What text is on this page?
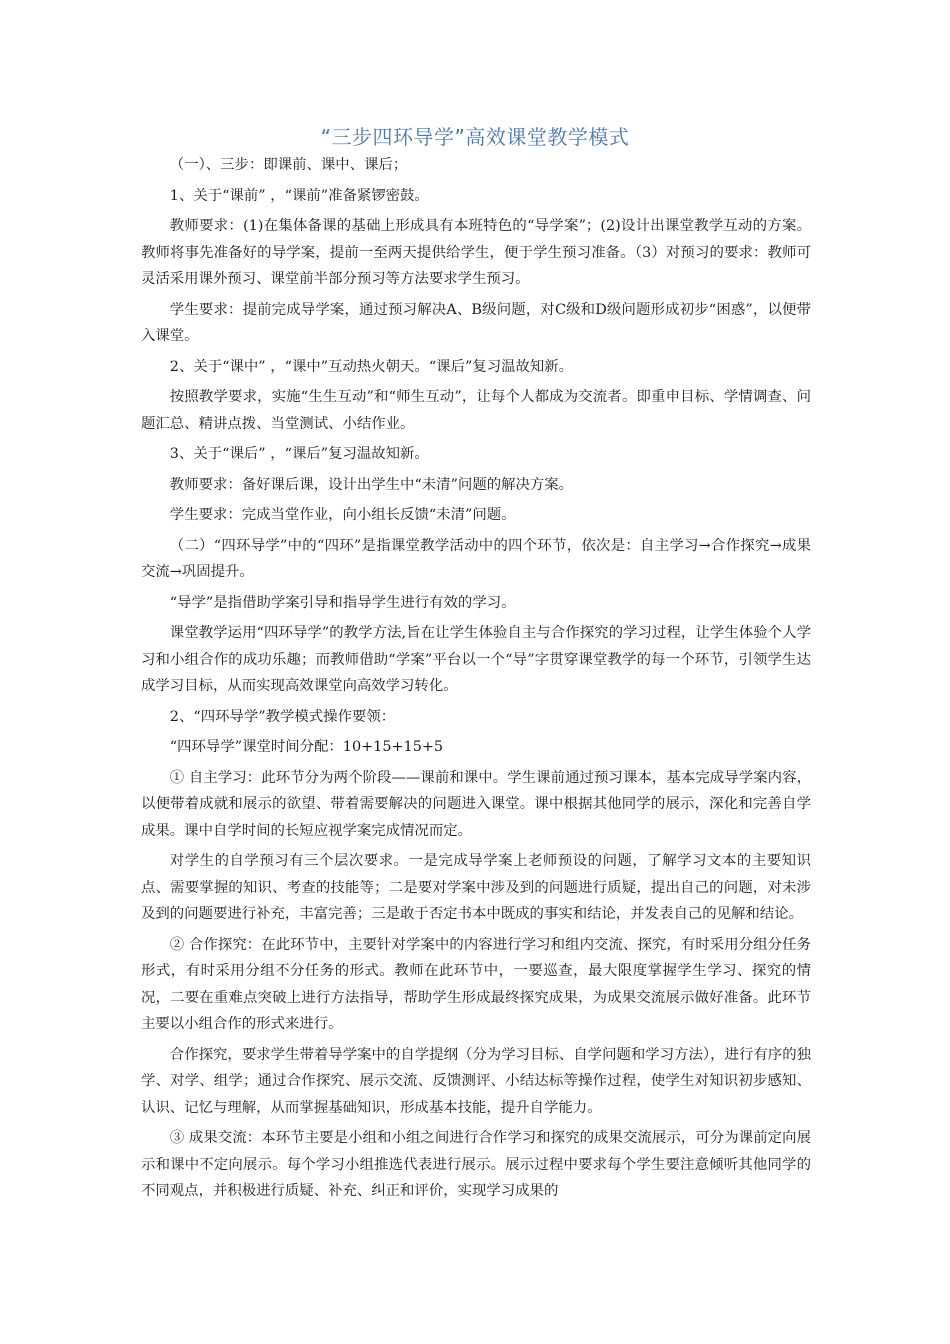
“三步四环导学”高效课堂教学模式

（一）、三步：即课前、课中、课后；

1、关于“课前” ，“课前”准备紧锣密鼓。

教师要求：(1)在集体备课的基础上形成具有本班特色的“导学案”；(2)设计出课堂教学互动的方案。教师将事先准备好的导学案，提前一至两天提供给学生，便于学生预习准备。（3）对预习的要求：教师可灵活采用课外预习、课堂前半部分预习等方法要求学生预习。

学生要求：提前完成导学案，通过预习解决A、B级问题，对C级和D级问题形成初步“困惑”，以便带入课堂。

2、关于“课中” ，“课中”互动热火朝天。“课后”复习温故知新。

按照教学要求，实施“生生互动”和“师生互动”，让每个人都成为交流者。即重申目标、学情调查、问题汇总、精讲点拨、当堂测试、小结作业。

3、关于“课后” ，“课后”复习温故知新。

教师要求：备好课后课，设计出学生中“未清”问题的解决方案。

学生要求：完成当堂作业，向小组长反馈“未清”问题。

（二）“四环导学”中的“四环”是指课堂教学活动中的四个环节，依次是：自主学习→合作探究→成果交流→巩固提升。

“导学”是指借助学案引导和指导学生进行有效的学习。

课堂教学运用“四环导学”的教学方法,旨在让学生体验自主与合作探究的学习过程，让学生体验个人学习和小组合作的成功乐趣；而教师借助“学案”平台以一个“导”字贯穿课堂教学的每一个环节，引领学生达成学习目标，从而实现高效课堂向高效学习转化。

2、“四环导学”教学模式操作要领：

“四环导学”课堂时间分配：10+15+15+5

① 自主学习：此环节分为两个阶段——课前和课中。学生课前通过预习课本，基本完成导学案内容，以便带着成就和展示的欲望、带着需要解决的问题进入课堂。课中根据其他同学的展示，深化和完善自学成果。课中自学时间的长短应视学案完成情况而定。

对学生的自学预习有三个层次要求。一是完成导学案上老师预设的问题，了解学习文本的主要知识点、需要掌握的知识、考查的技能等；二是要对学案中涉及到的问题进行质疑，提出自己的问题，对未涉及到的问题要进行补充，丰富完善；三是敢于否定书本中既成的事实和结论，并发表自己的见解和结论。

② 合作探究：在此环节中，主要针对学案中的内容进行学习和组内交流、探究，有时采用分组分任务形式，有时采用分组不分任务的形式。教师在此环节中，一要巡查，最大限度掌握学生学习、探究的情况，二要在重难点突破上进行方法指导，帮助学生形成最终探究成果，为成果交流展示做好准备。此环节主要以小组合作的形式来进行。

合作探究，要求学生带着导学案中的自学提纲（分为学习目标、自学问题和学习方法），进行有序的独学、对学、组学；通过合作探究、展示交流、反馈测评、小结达标等操作过程，使学生对知识初步感知、认识、记忆与理解，从而掌握基础知识，形成基本技能，提升自学能力。

③ 成果交流：本环节主要是小组和小组之间进行合作学习和探究的成果交流展示，可分为课前定向展示和课中不定向展示。每个学习小组推选代表进行展示。展示过程中要求每个学生要注意倾听其他同学的不同观点，并积极进行质疑、补充、纠正和评价，实现学习成果的
